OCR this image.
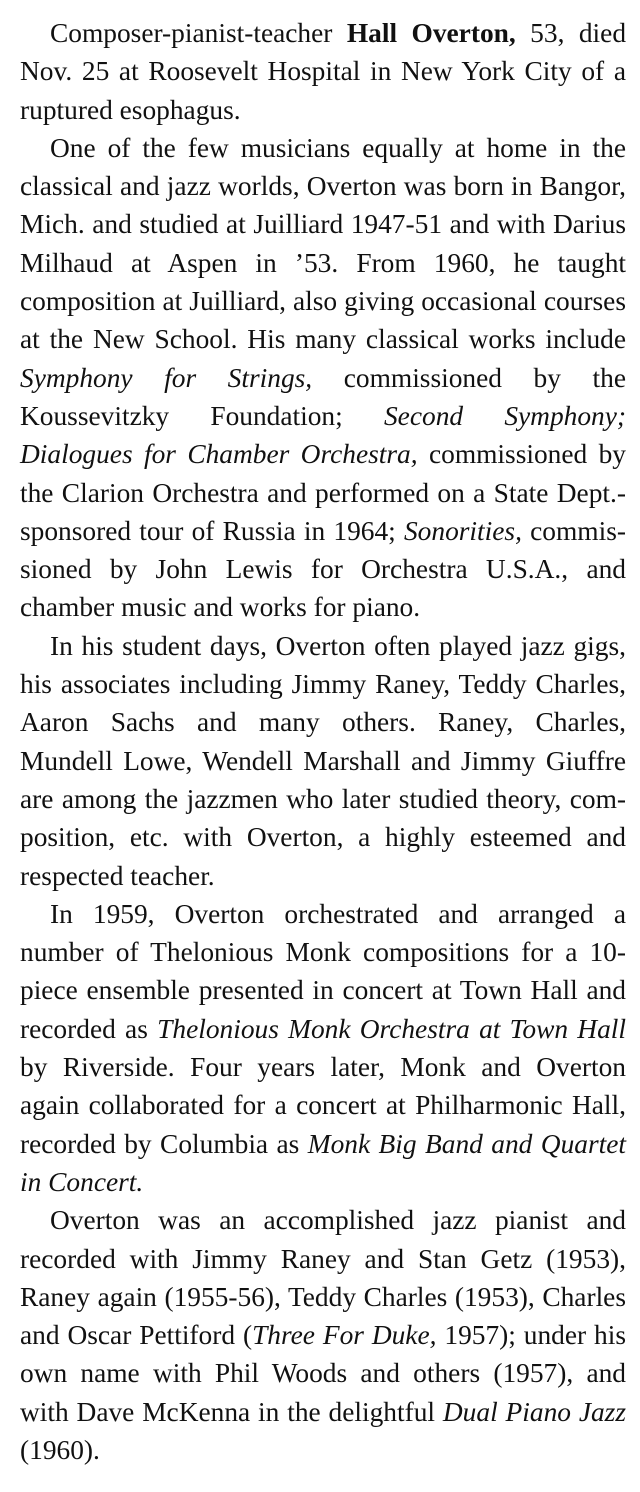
Composer-pianist-teacher Hall Overton, 53, died Nov. 25 at Roosevelt Hospital in New York City of a ruptured esophagus.

One of the few musicians equally at home in the classical and jazz worlds, Overton was born in Bangor, Mich. and studied at Juilliard 1947-51 and with Darius Milhaud at Aspen in ’53. From 1960, he taught composition at Juilliard, also giving occasional courses at the New School. His many classical works include Symphony for Strings, commissioned by the Koussevitzky Foundation; Second Symphony; Dialogues for Chamber Orchestra, commissioned by the Clarion Orchestra and performed on a State Dept.-sponsored tour of Russia in 1964; Sonorities, commissioned by John Lewis for Orchestra U.S.A., and chamber music and works for piano.

In his student days, Overton often played jazz gigs, his associates including Jimmy Raney, Teddy Charles, Aaron Sachs and many others. Raney, Charles, Mundell Lowe, Wendell Marshall and Jimmy Giuffre are among the jazzmen who later studied theory, composition, etc. with Overton, a highly esteemed and respected teacher.

In 1959, Overton orchestrated and arranged a number of Thelonious Monk compositions for a 10-piece ensemble presented in concert at Town Hall and recorded as Thelonious Monk Orchestra at Town Hall by Riverside. Four years later, Monk and Overton again collaborated for a concert at Philharmonic Hall, recorded by Columbia as Monk Big Band and Quartet in Concert.

Overton was an accomplished jazz pianist and recorded with Jimmy Raney and Stan Getz (1953), Raney again (1955-56), Teddy Charles (1953), Charles and Oscar Pettiford (Three For Duke, 1957); under his own name with Phil Woods and others (1957), and with Dave McKenna in the delightful Dual Piano Jazz (1960).
